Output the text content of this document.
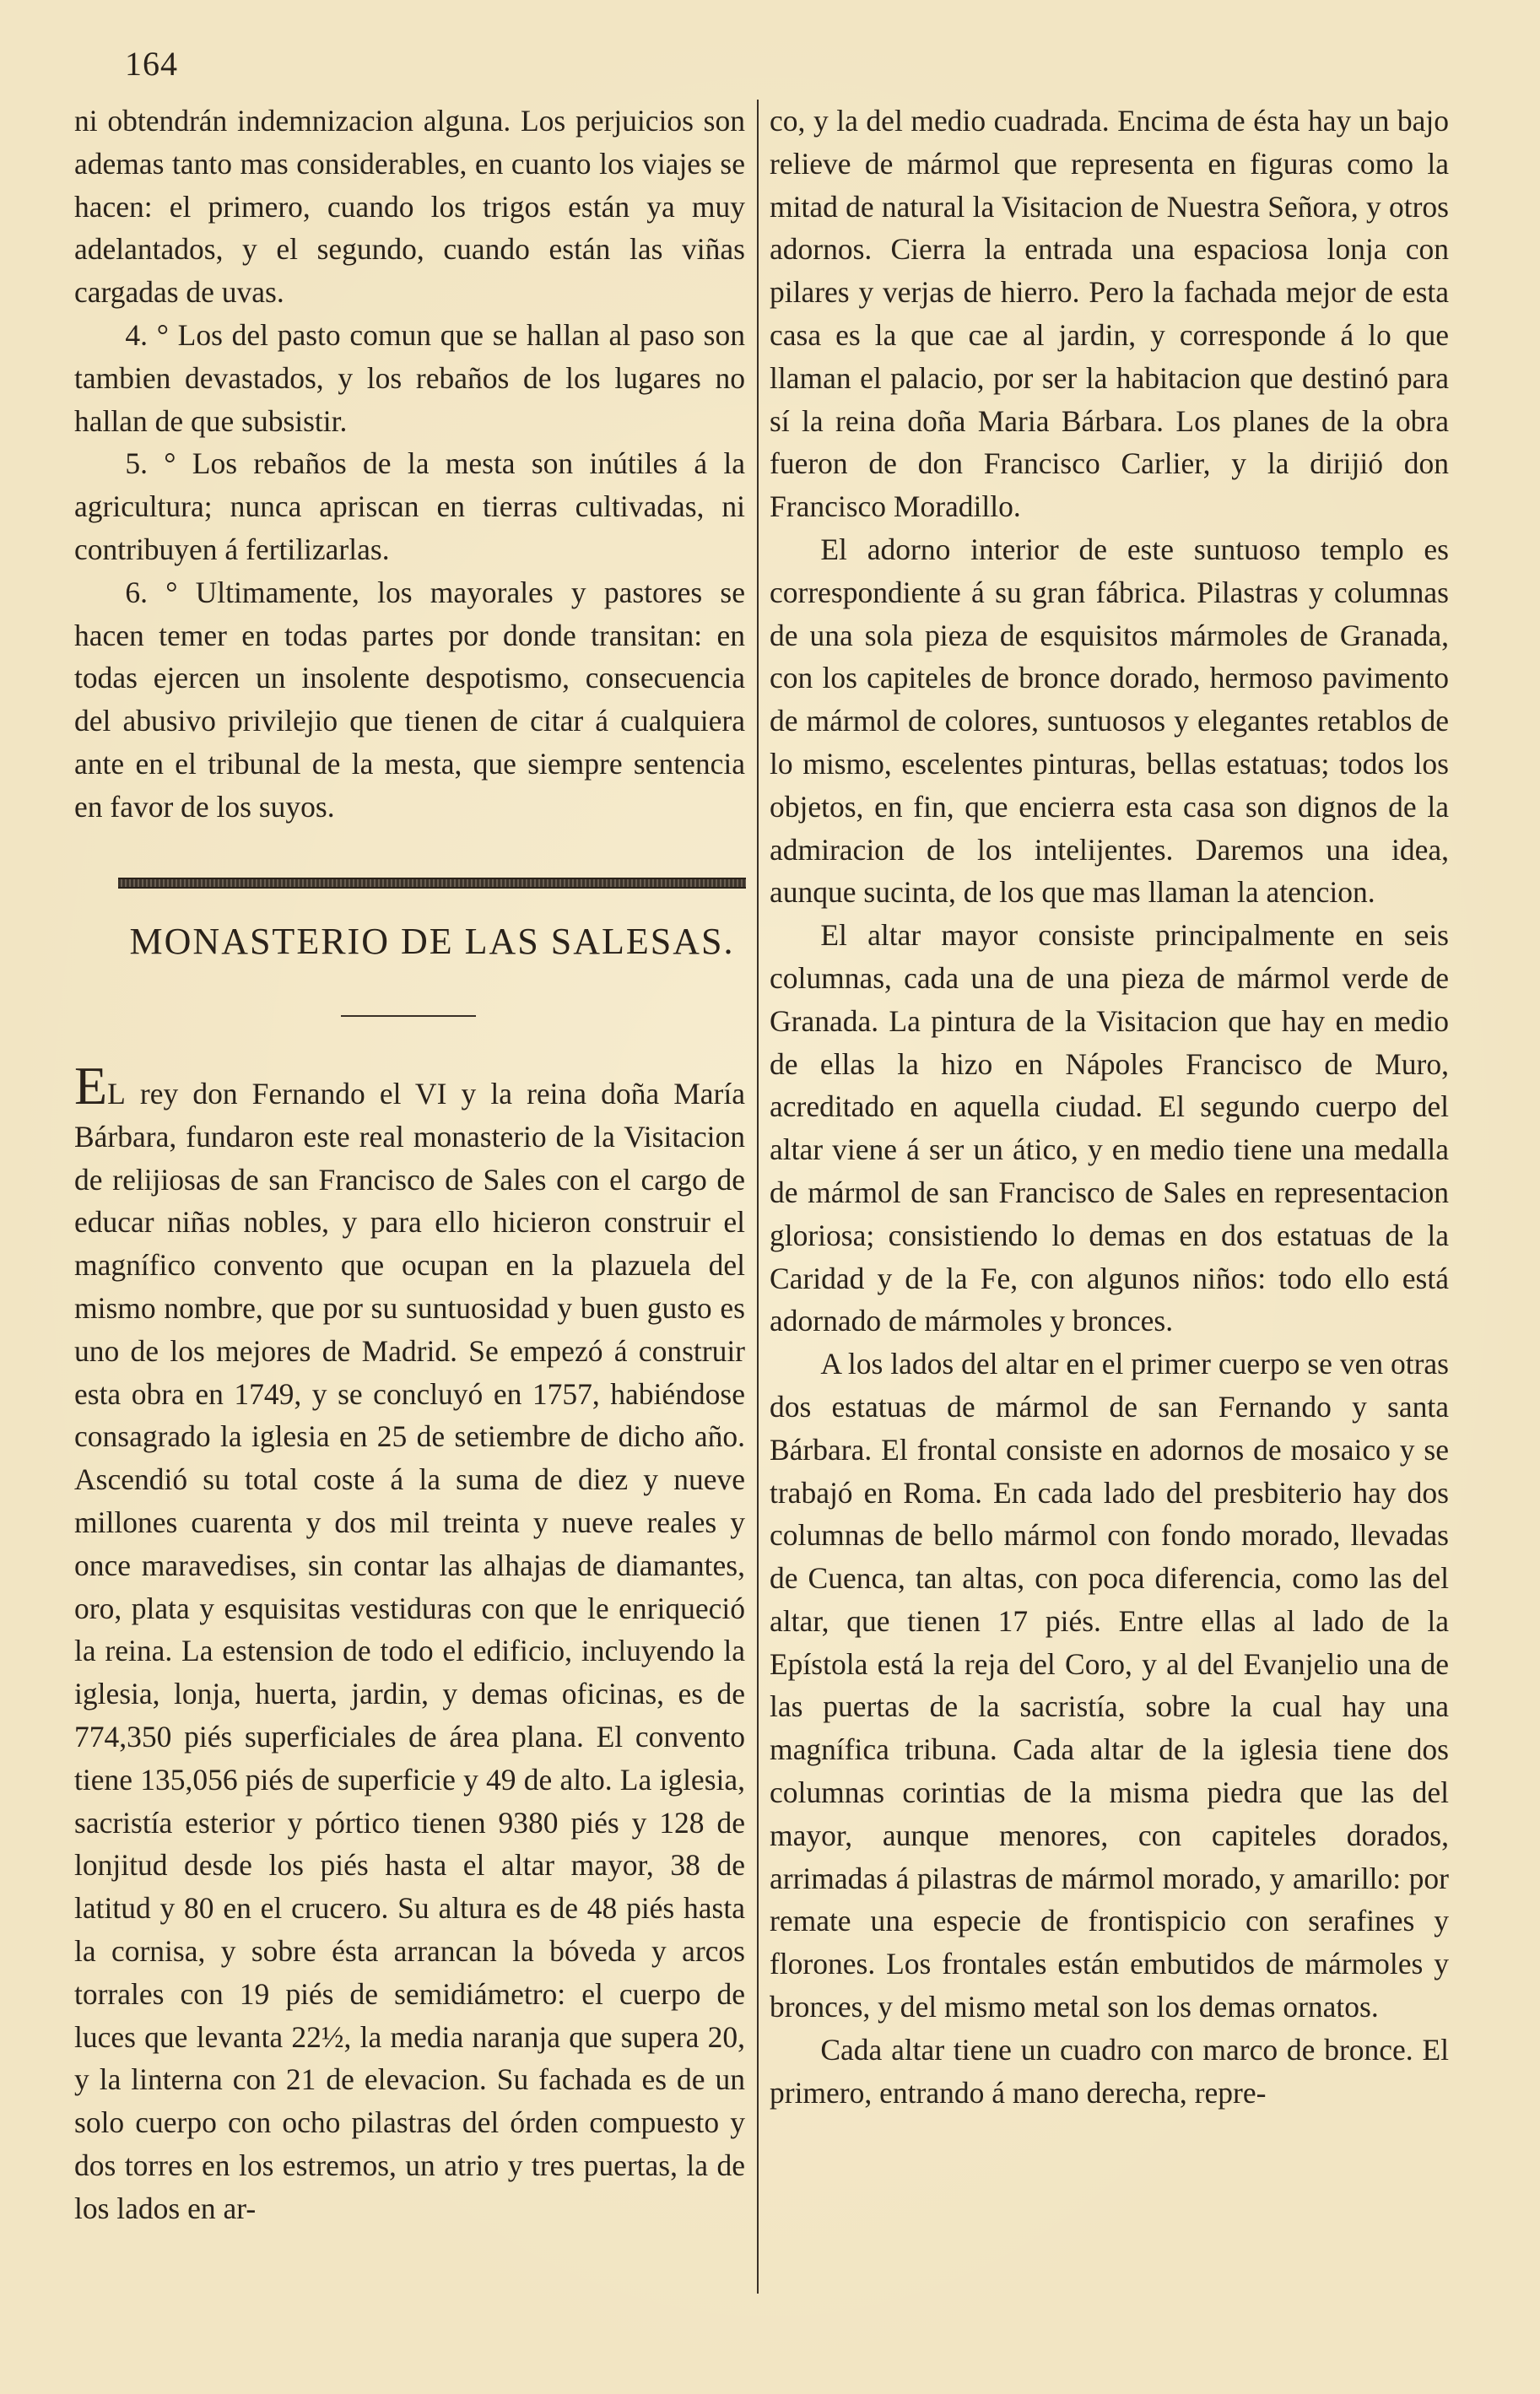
164

ni obtendrán indemnizacion alguna. Los perjuicios son ademas tanto mas considerables, en cuanto los viajes se hacen: el primero, cuando los trigos están ya muy adelantados, y el segundo, cuando están las viñas cargadas de uvas.

4. ° Los del pasto comun que se hallan al paso son tambien devastados, y los rebaños de los lugares no hallan de que subsistir.

5. ° Los rebaños de la mesta son inútiles á la agricultura; nunca apriscan en tierras cultivadas, ni contribuyen á fertilizarlas.

6. ° Ultimamente, los mayorales y pastores se hacen temer en todas partes por donde transitan: en todas ejercen un insolente despotismo, consecuencia del abusivo privilejio que tienen de citar á cualquiera ante en el tribunal de la mesta, que siempre sentencia en favor de los suyos.

MONASTERIO DE LAS SALESAS.

EL rey don Fernando el VI y la reina doña María Bárbara, fundaron este real monasterio de la Visitacion de relijiosas de san Francisco de Sales con el cargo de educar niñas nobles, y para ello hicieron construir el magnífico convento que ocupan en la plazuela del mismo nombre, que por su suntuosidad y buen gusto es uno de los mejores de Madrid. Se empezó á construir esta obra en 1749, y se concluyó en 1757, habiéndose consagrado la iglesia en 25 de setiembre de dicho año. Ascendió su total coste á la suma de diez y nueve millones cuarenta y dos mil treinta y nueve reales y once maravedises, sin contar las alhajas de diamantes, oro, plata y esquisitas vestiduras con que le enriqueció la reina. La estension de todo el edificio, incluyendo la iglesia, lonja, huerta, jardin, y demas oficinas, es de 774,350 piés superficiales de área plana. El convento tiene 135,056 piés de superficie y 49 de alto. La iglesia, sacristía esterior y pórtico tienen 9380 piés y 128 de lonjitud desde los piés hasta el altar mayor, 38 de latitud y 80 en el crucero. Su altura es de 48 piés hasta la cornisa, y sobre ésta arrancan la bóveda y arcos torrales con 19 piés de semidiámetro: el cuerpo de luces que levanta 22½, la media naranja que supera 20, y la linterna con 21 de elevacion. Su fachada es de un solo cuerpo con ocho pilastras del órden compuesto y dos torres en los estremos, un atrio y tres puertas, la de los lados en ar-

co, y la del medio cuadrada. Encima de ésta hay un bajo relieve de mármol que representa en figuras como la mitad de natural la Visitacion de Nuestra Señora, y otros adornos. Cierra la entrada una espaciosa lonja con pilares y verjas de hierro. Pero la fachada mejor de esta casa es la que cae al jardin, y corresponde á lo que llaman el palacio, por ser la habitacion que destinó para sí la reina doña Maria Bárbara. Los planes de la obra fueron de don Francisco Carlier, y la dirijió don Francisco Moradillo.

El adorno interior de este suntuoso templo es correspondiente á su gran fábrica. Pilastras y columnas de una sola pieza de esquisitos mármoles de Granada, con los capiteles de bronce dorado, hermoso pavimento de mármol de colores, suntuosos y elegantes retablos de lo mismo, escelentes pinturas, bellas estatuas; todos los objetos, en fin, que encierra esta casa son dignos de la admiracion de los intelijentes. Daremos una idea, aunque sucinta, de los que mas llaman la atencion.

El altar mayor consiste principalmente en seis columnas, cada una de una pieza de mármol verde de Granada. La pintura de la Visitacion que hay en medio de ellas la hizo en Nápoles Francisco de Muro, acreditado en aquella ciudad. El segundo cuerpo del altar viene á ser un ático, y en medio tiene una medalla de mármol de san Francisco de Sales en representacion gloriosa; consistiendo lo demas en dos estatuas de la Caridad y de la Fe, con algunos niños: todo ello está adornado de mármoles y bronces.

A los lados del altar en el primer cuerpo se ven otras dos estatuas de mármol de san Fernando y santa Bárbara. El frontal consiste en adornos de mosaico y se trabajó en Roma. En cada lado del presbiterio hay dos columnas de bello mármol con fondo morado, llevadas de Cuenca, tan altas, con poca diferencia, como las del altar, que tienen 17 piés. Entre ellas al lado de la Epístola está la reja del Coro, y al del Evanjelio una de las puertas de la sacristía, sobre la cual hay una magnífica tribuna. Cada altar de la iglesia tiene dos columnas corintias de la misma piedra que las del mayor, aunque menores, con capiteles dorados, arrimadas á pilastras de mármol morado, y amarillo: por remate una especie de frontispicio con serafines y florones. Los frontales están embutidos de mármoles y bronces, y del mismo metal son los demas ornatos.

Cada altar tiene un cuadro con marco de bronce. El primero, entrando á mano derecha, repre-
